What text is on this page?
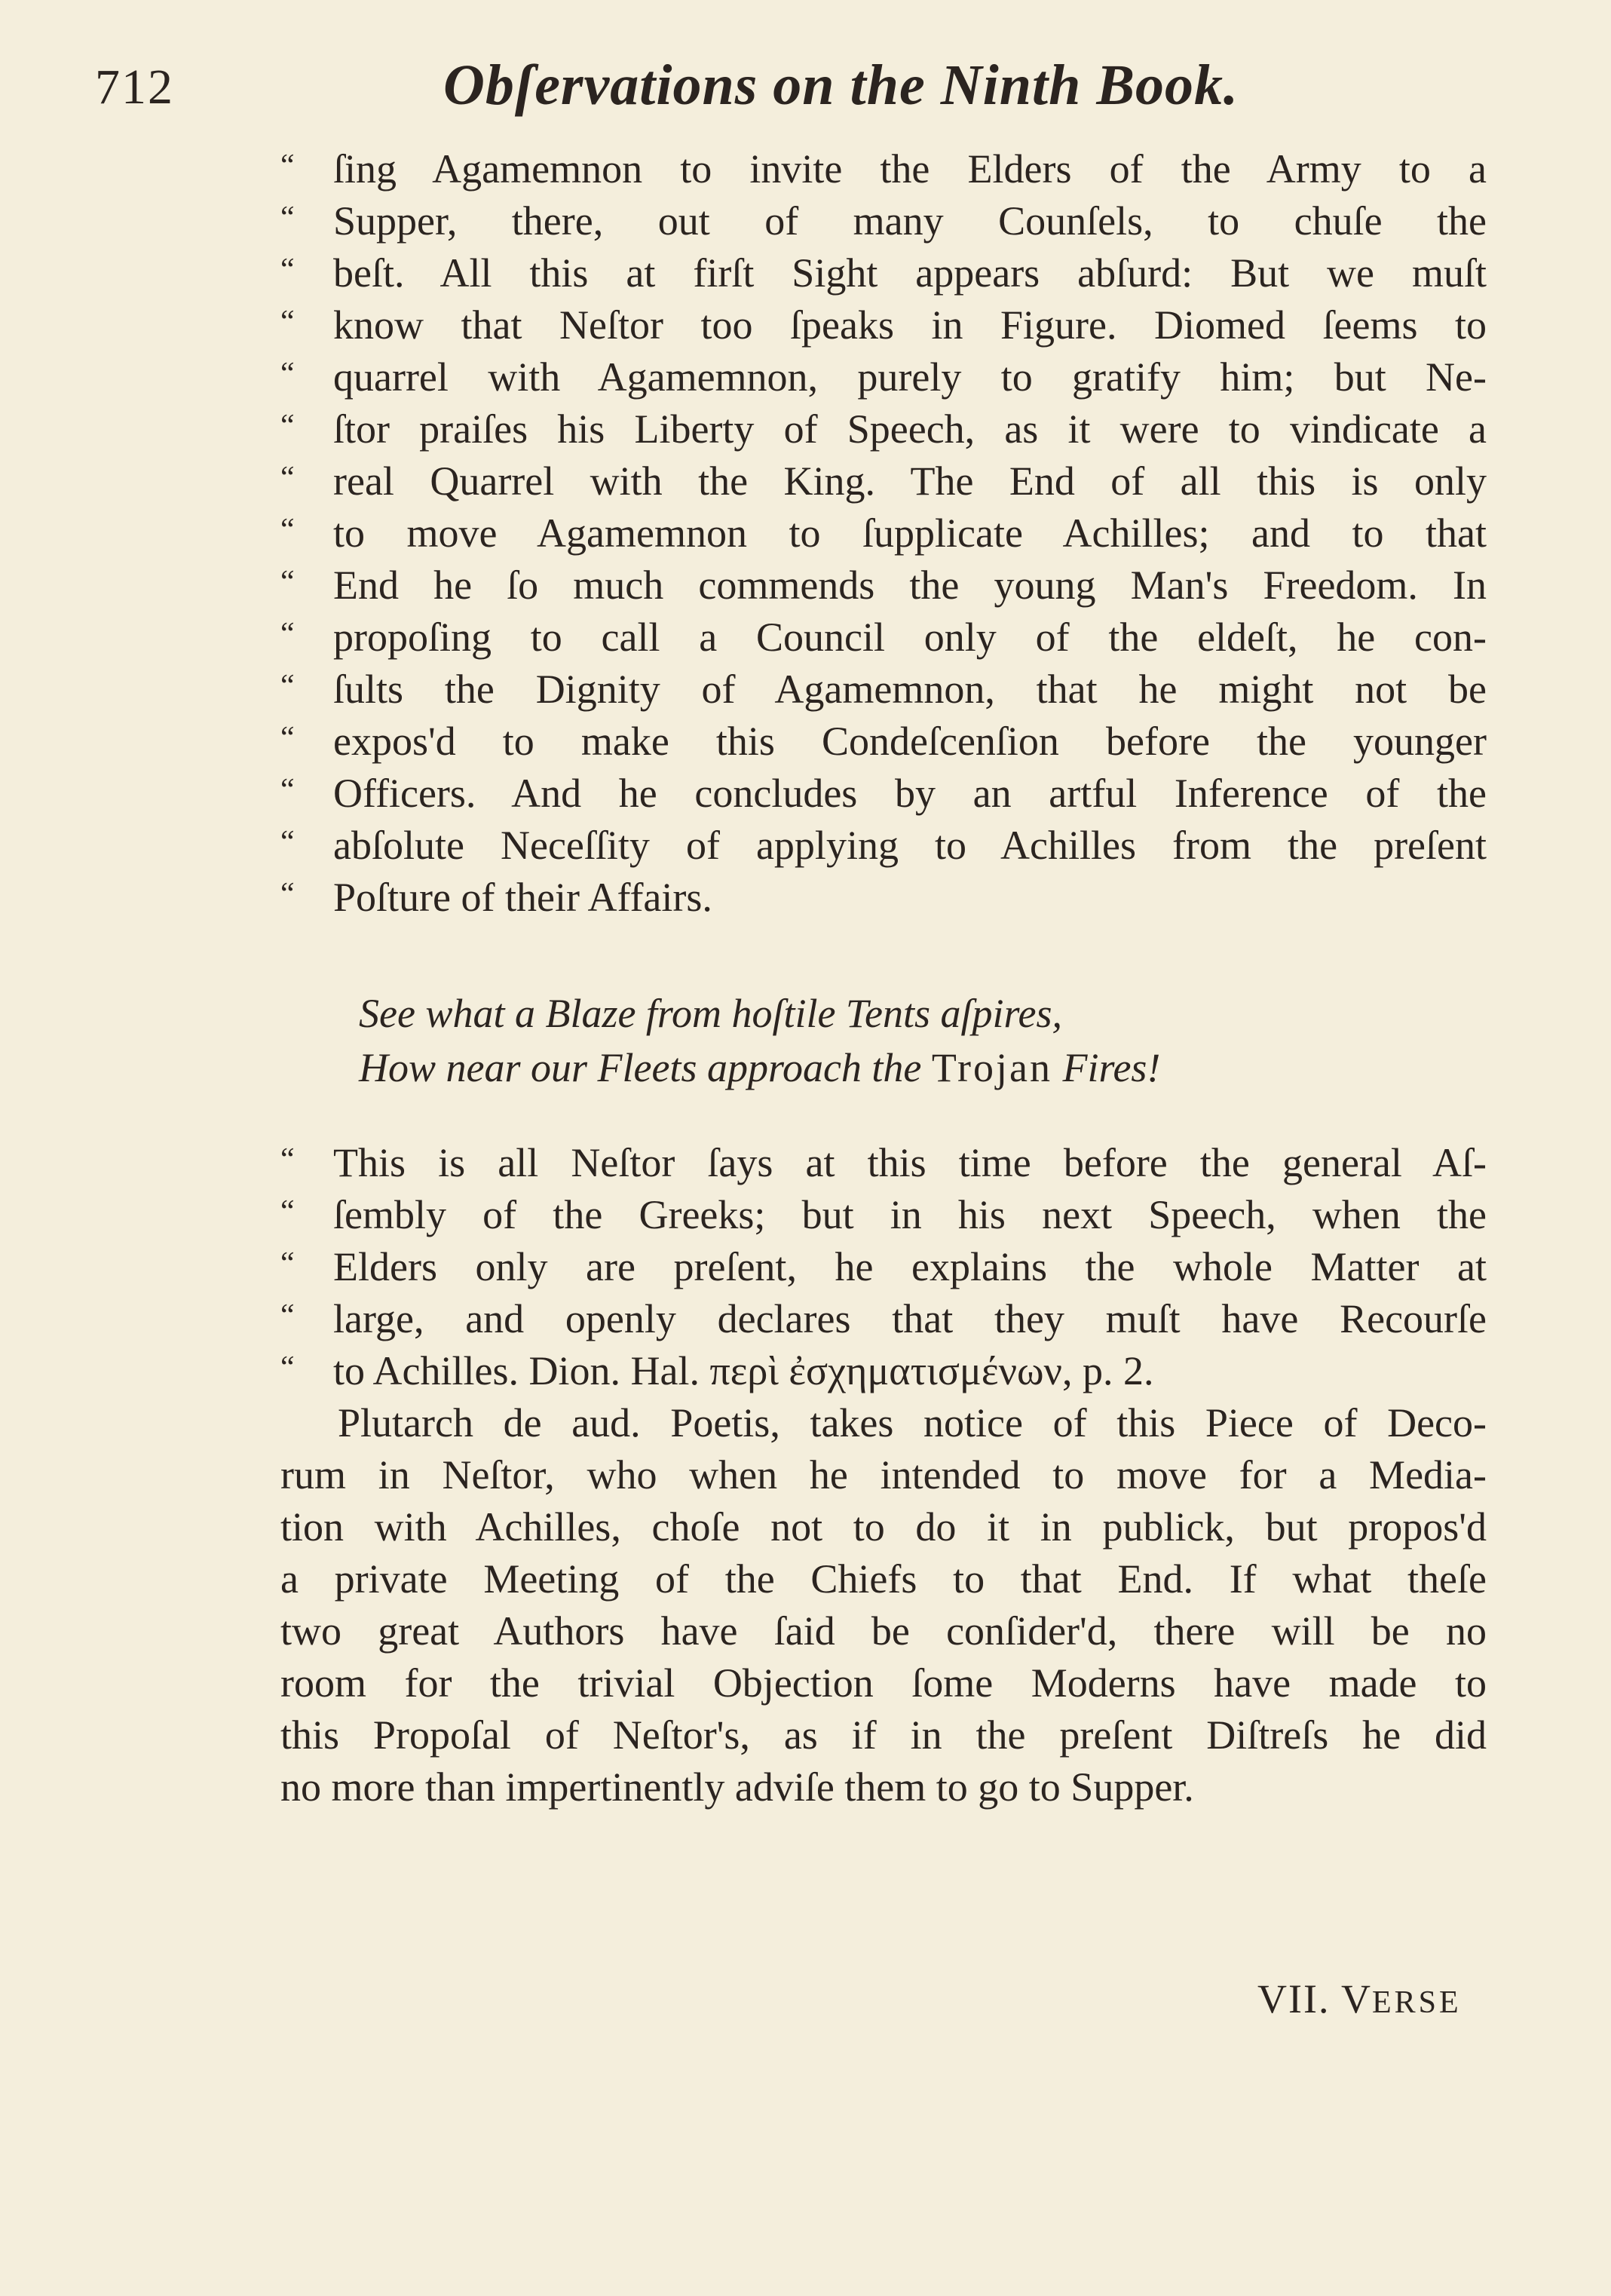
712	Obſervations on the Ninth Book.
“ ſing Agamemnon to invite the Elders of the Army to a
“ Supper, there, out of many Counſels, to chuſe the
“ beſt. All this at firſt Sight appears abſurd: But we muſt
“ know that Neſtor too ſpeaks in Figure. Diomed ſeems to
“ quarrel with Agamemnon, purely to gratify him; but Ne-
“ ſtor praiſes his Liberty of Speech, as it were to vindicate a
“ real Quarrel with the King. The End of all this is only
“ to move Agamemnon to ſupplicate Achilles; and to that
“ End he ſo much commends the young Man's Freedom. In
“ propoſing to call a Council only of the eldeſt, he con-
“ ſults the Dignity of Agamemnon, that he might not be
“ expos'd to make this Condeſcenſion before the younger
“ Officers. And he concludes by an artful Inference of the
“ abſolute Neceſſity of applying to Achilles from the preſent
“ Poſture of their Affairs.
See what a Blaze from hoſtile Tents aſpires,
How near our Fleets approach the Trojan Fires!
“ This is all Neſtor ſays at this time before the general Aſ-
“ ſembly of the Greeks; but in his next Speech, when the
“ Elders only are preſent, he explains the whole Matter at
“ large, and openly declares that they muſt have Recourſe
“ to Achilles. Dion. Hal. περὶ ἐσχηματισμένων, p. 2.
Plutarch de aud. Poetis, takes notice of this Piece of Deco-
rum in Neſtor, who when he intended to move for a Media-
tion with Achilles, choſe not to do it in publick, but propos'd
a private Meeting of the Chiefs to that End. If what theſe
two great Authors have ſaid be conſider'd, there will be no
room for the trivial Objection ſome Moderns have made to
this Propoſal of Neſtor's, as if in the preſent Diſtreſs he did
no more than impertinently adviſe them to go to Supper.
VII. VERSE
